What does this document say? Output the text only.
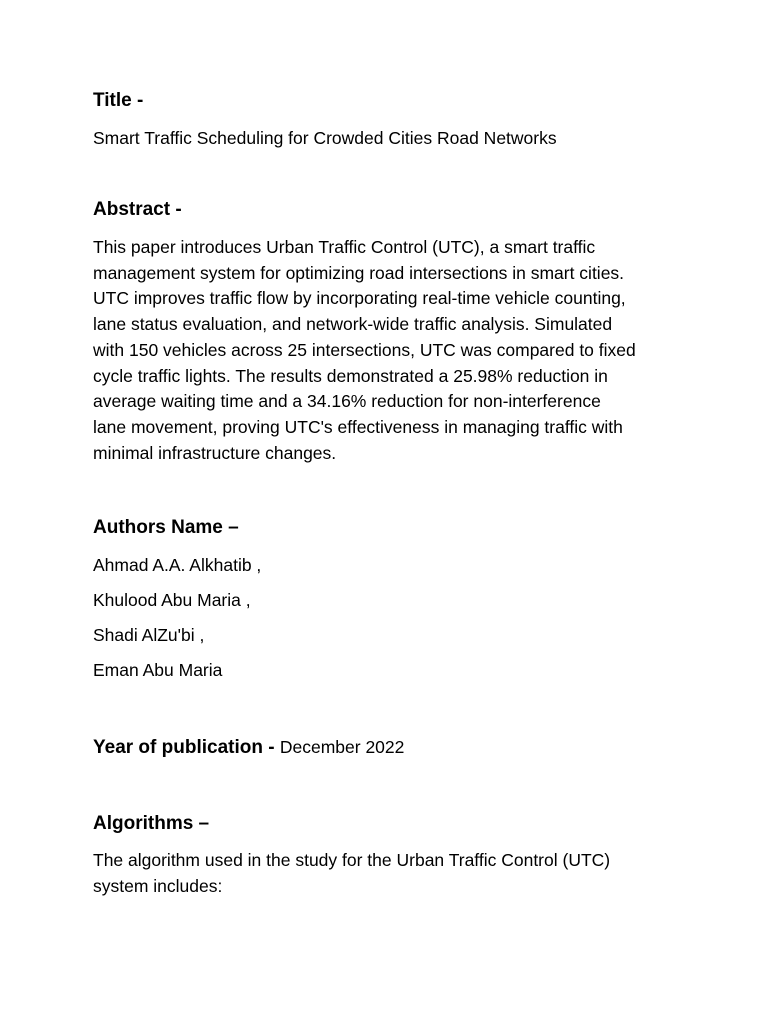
Title -
Smart Traffic Scheduling for Crowded Cities Road Networks
Abstract -
This paper introduces Urban Traffic Control (UTC), a smart traffic
management system for optimizing road intersections in smart cities.
UTC improves traffic flow by incorporating real-time vehicle counting,
lane status evaluation, and network-wide traffic analysis. Simulated
with 150 vehicles across 25 intersections, UTC was compared to fixed
cycle traffic lights. The results demonstrated a 25.98% reduction in
average waiting time and a 34.16% reduction for non-interference
lane movement, proving UTC's effectiveness in managing traffic with
minimal infrastructure changes.
Authors Name –
Ahmad A.A. Alkhatib ,
Khulood Abu Maria ,
Shadi AlZu'bi ,
Eman Abu Maria
Year of publication - December 2022
Algorithms –
The algorithm used in the study for the Urban Traffic Control (UTC)
system includes:
